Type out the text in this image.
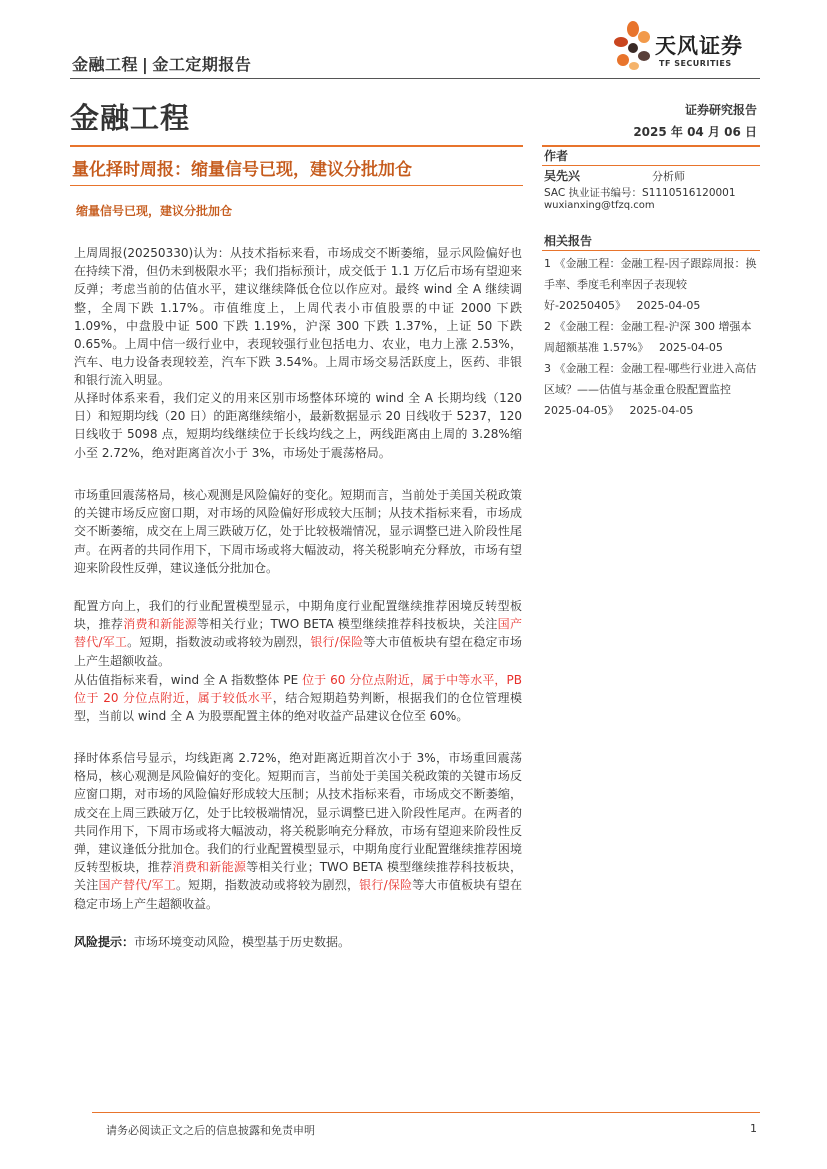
金融工程 | 金工定期报告
天风证券
TF SECURITIES
金融工程	证券研究报告
2025 年 04 月 06 日
量化择时周报：缩量信号已现，建议分批加仓
缩量信号已现，建议分批加仓

上周周报(20250330)认为：从技术指标来看，市场成交不断萎缩，显示风险偏好也在持续下滑，但仍未到极限水平；我们指标预计，成交低于 1.1 万亿后市场有望迎来反弹；考虑当前的估值水平，建议继续降低仓位以作应对。最终 wind 全 A 继续调整，全周下跌 1.17%。市值维度上，上周代表小市值股票的中证 2000 下跌 1.09%，中盘股中证 500 下跌 1.19%，沪深 300 下跌 1.37%，上证 50 下跌 0.65%。上周中信一级行业中，表现较强行业包括电力、农业，电力上涨 2.53%，汽车、电力设备表现较差，汽车下跌 3.54%。上周市场交易活跃度上，医药、非银和银行流入明显。

从择时体系来看，我们定义的用来区别市场整体环境的 wind 全 A 长期均线（120 日）和短期均线（20 日）的距离继续缩小，最新数据显示 20 日线收于 5237，120 日线收于 5098 点，短期均线继续位于长线均线之上，两线距离由上周的 3.28%缩小至 2.72%，绝对距离首次小于 3%，市场处于震荡格局。

市场重回震荡格局，核心观测是风险偏好的变化。短期而言，当前处于美国关税政策的关键市场反应窗口期，对市场的风险偏好形成较大压制；从技术指标来看，市场成交不断萎缩，成交在上周三跌破万亿，处于比较极端情况，显示调整已进入阶段性尾声。在两者的共同作用下，下周市场或将大幅波动，将关税影响充分释放，市场有望迎来阶段性反弹，建议逢低分批加仓。

配置方向上，我们的行业配置模型显示，中期角度行业配置继续推荐困境反转型板块，推荐消费和新能源等相关行业；TWO BETA 模型继续推荐科技板块，关注国产替代/军工。短期，指数波动或将较为剧烈，银行/保险等大市值板块有望在稳定市场上产生超额收益。

从估值指标来看，wind 全 A 指数整体 PE 位于 60 分位点附近，属于中等水平，PB 位于 20 分位点附近，属于较低水平，结合短期趋势判断，根据我们的仓位管理模型，当前以 wind 全 A 为股票配置主体的绝对收益产品建议仓位至 60%。

择时体系信号显示，均线距离 2.72%，绝对距离近期首次小于 3%，市场重回震荡格局，核心观测是风险偏好的变化。短期而言，当前处于美国关税政策的关键市场反应窗口期，对市场的风险偏好形成较大压制；从技术指标来看，市场成交不断萎缩，成交在上周三跌破万亿，处于比较极端情况，显示调整已进入阶段性尾声。在两者的共同作用下，下周市场或将大幅波动，将关税影响充分释放，市场有望迎来阶段性反弹，建议逢低分批加仓。我们的行业配置模型显示，中期角度行业配置继续推荐困境反转型板块，推荐消费和新能源等相关行业；TWO BETA 模型继续推荐科技板块，关注国产替代/军工。短期，指数波动或将较为剧烈，银行/保险等大市值板块有望在稳定市场上产生超额收益。

风险提示：市场环境变动风险，模型基于历史数据。
作者
吴先兴	分析师
SAC 执业证书编号：S1110516120001
wuxianxing@tfzq.com
相关报告

1 《金融工程：金融工程-因子跟踪周报：换手率、季度毛利率因子表现较好-20250405》 2025-04-05

2 《金融工程：金融工程-沪深 300 增强本周超额基准 1.57%》 2025-04-05

3 《金融工程：金融工程-哪些行业进入高估区域？——估值与基金重仓股配置监控 2025-04-05》 2025-04-05

请务必阅读正文之后的信息披露和免责申明	1
